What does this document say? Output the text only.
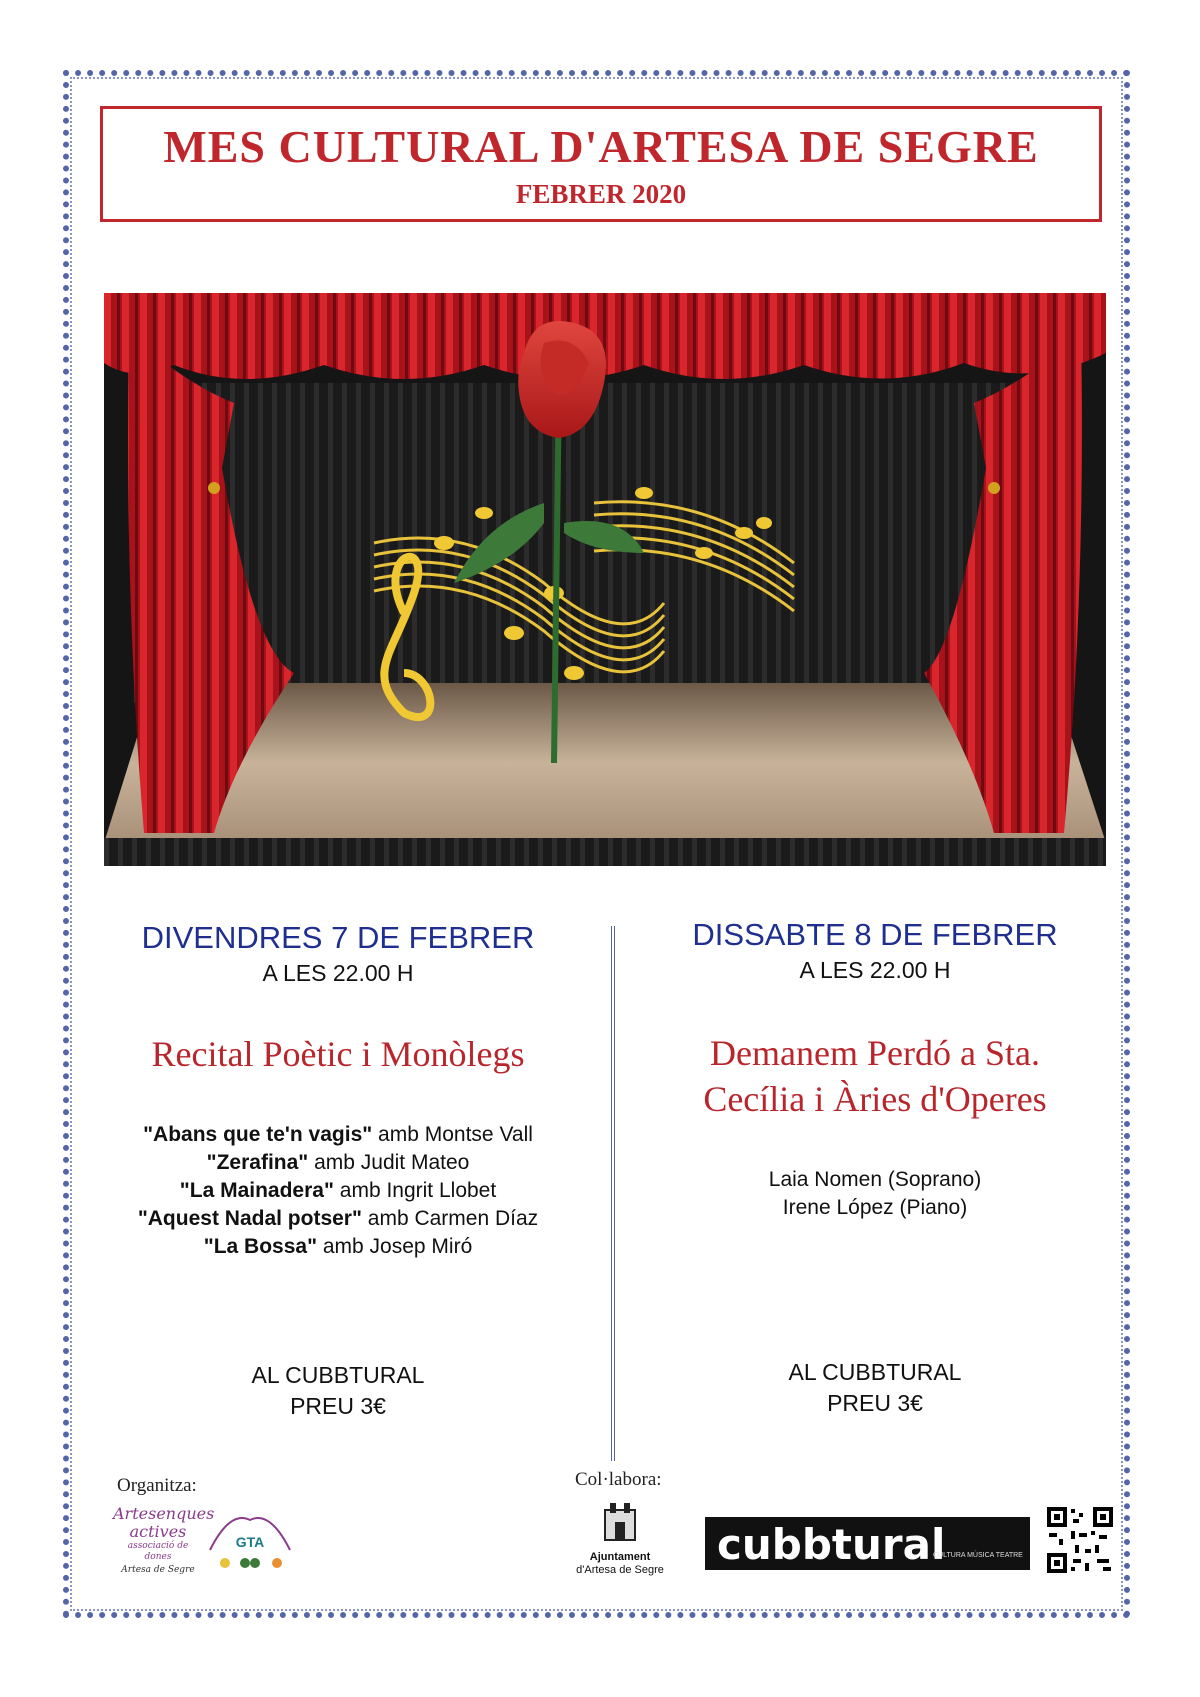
MES CULTURAL D'ARTESA DE SEGRE
FEBRER 2020
DIVENDRES 7 DE FEBRER
A LES 22.00 H
Recital Poètic i Monòlegs
"Abans que te'n vagis" amb Montse Vall
"Zerafina" amb Judit Mateo
"La Mainadera" amb Ingrit Llobet
"Aquest Nadal potser" amb Carmen Díaz
"La Bossa" amb Josep Miró
AL CUBBTURAL
PREU 3€
DISSABTE 8 DE FEBRER
A LES 22.00 H
Demanem Perdó a Sta.
Cecília i Àries d'Operes
Laia Nomen (Soprano)
Irene López (Piano)
AL CUBBTURAL
PREU 3€
Organitza:	Col·labora:
Artesenques actives
associació de dones
Artesa de Segre
GTA
Ajuntament
d'Artesa de Segre
cubbtural
CULTURA MÚSICA TEATRE
